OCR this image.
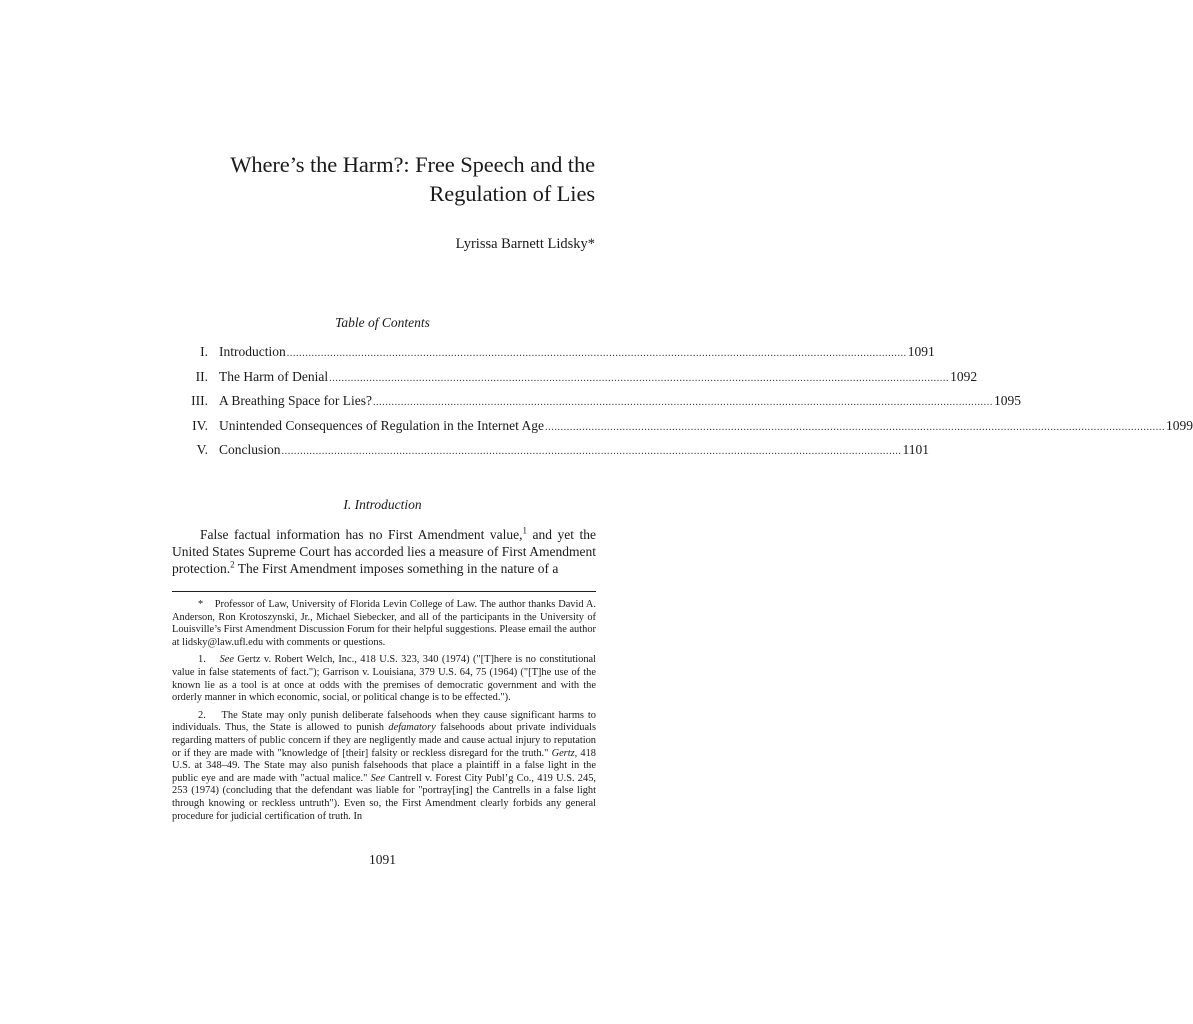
Where’s the Harm?: Free Speech and the
Regulation of Lies
Lyrissa Barnett Lidsky*
Table of Contents
I. Introduction ........................................................................................................................................................................................................ 1091
II. The Harm of Denial ........................................................................................................................................................................................................ 1092
III. A Breathing Space for Lies? ........................................................................................................................................................................................................ 1095
IV. Unintended Consequences of Regulation in the Internet Age ........................................................................................................................................................................................................ 1099
V. Conclusion ........................................................................................................................................................................................................ 1101
I. Introduction

False factual information has no First Amendment value,$^1$ and yet the United States Supreme Court has accorded lies a measure of First Amendment protection.$^2$ The First Amendment imposes something in the nature of a

* Professor of Law, University of Florida Levin College of Law. The author thanks David A. Anderson, Ron Krotoszynski, Jr., Michael Siebecker, and all of the participants in the University of Louisville’s First Amendment Discussion Forum for their helpful suggestions. Please email the author at lidsky@law.ufl.edu with comments or questions.

1. See Gertz v. Robert Welch, Inc., 418 U.S. 323, 340 (1974) ("[T]here is no constitutional value in false statements of fact."); Garrison v. Louisiana, 379 U.S. 64, 75 (1964) ("[T]he use of the known lie as a tool is at once at odds with the premises of democratic government and with the orderly manner in which economic, social, or political change is to be effected.").

2. The State may only punish deliberate falsehoods when they cause significant harms to individuals. Thus, the State is allowed to punish defamatory falsehoods about private individuals regarding matters of public concern if they are negligently made and cause actual injury to reputation or if they are made with "knowledge of [their] falsity or reckless disregard for the truth." Gertz, 418 U.S. at 348–49. The State may also punish falsehoods that place a plaintiff in a false light in the public eye and are made with "actual malice." See Cantrell v. Forest City Publ’g Co., 419 U.S. 245, 253 (1974) (concluding that the defendant was liable for "portray[ing] the Cantrells in a false light through knowing or reckless untruth"). Even so, the First Amendment clearly forbids any general procedure for judicial certification of truth. In

1091
